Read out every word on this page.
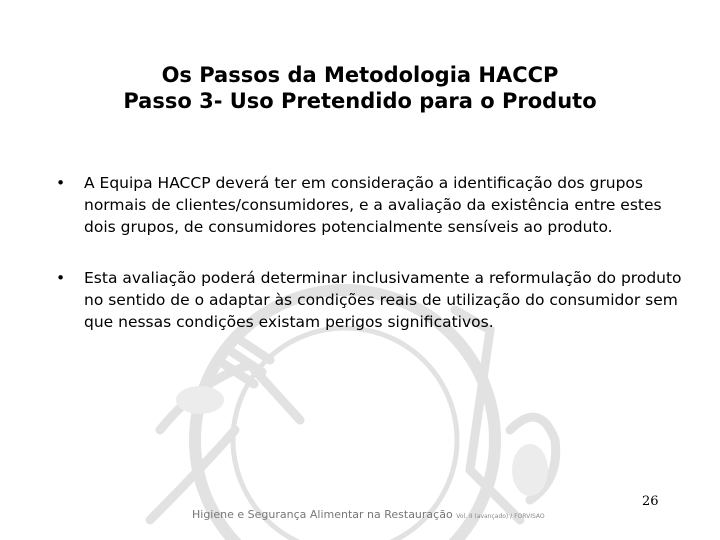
Os Passos da Metodologia HACCP
Passo 3- Uso Pretendido para o Produto
• A Equipa HACCP deverá ter em consideração a identificação dos grupos normais de clientes/consumidores, e a avaliação da existência entre estes dois grupos, de consumidores potencialmente sensíveis ao produto.
• Esta avaliação poderá determinar inclusivamente a reformulação do produto no sentido de o adaptar às condições reais de utilização do consumidor sem que nessas condições existam perigos significativos.
26
Higiene e Segurança Alimentar na Restauração Vol. II (avançado) / FORVISAO
